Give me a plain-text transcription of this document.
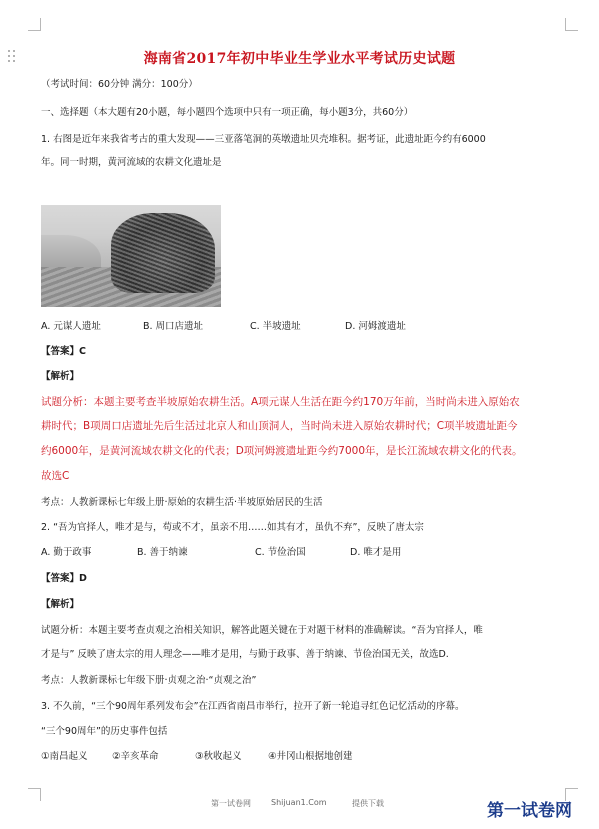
海南省2017年初中毕业生学业水平考试历史试题
（考试时间：60分钟 满分：100分）
一、选择题（本大题有20小题，每小题四个选项中只有一项正确，每小题3分，共60分）
1. 右图是近年来我省考古的重大发现——三亚落笔洞的英墩遗址贝壳堆积。据考证，此遗址距今约有6000
年。同一时期，黄河流域的农耕文化遗址是
A. 元谋人遗址	B. 周口店遗址	C. 半坡遗址	D. 河姆渡遗址
【答案】C
【解析】
试题分析：本题主要考查半坡原始农耕生活。A项元谋人生活在距今约170万年前，当时尚未进入原始农
耕时代；B项周口店遗址先后生活过北京人和山顶洞人，当时尚未进入原始农耕时代；C项半坡遗址距今
约6000年，是黄河流域农耕文化的代表；D项河姆渡遗址距今约7000年，是长江流域农耕文化的代表。
故选C
考点：人教新课标七年级上册·原始的农耕生活·半坡原始居民的生活
2. “吾为官择人，唯才是与，苟或不才，虽亲不用……如其有才，虽仇不弃”，反映了唐太宗
A. 勤于政事	B. 善于纳谏	C. 节俭治国	D. 唯才是用
【答案】D
【解析】
试题分析：本题主要考查贞观之治相关知识，解答此题关键在于对题干材料的准确解读。“吾为官择人，唯
才是与” 反映了唐太宗的用人理念——唯才是用，与勤于政事、善于纳谏、节俭治国无关，故选D.
考点：人教新课标七年级下册·贞观之治·“贞观之治”
3. 不久前，“三个90周年系列发布会”在江西省南昌市举行，拉开了新一轮追寻红色记忆活动的序幕。
“三个90周年”的历史事件包括
①南昌起义	②辛亥革命	③秋收起义	④井冈山根据地创建
第一试卷网	Shijuan1.Com	提供下载	第一试卷网
